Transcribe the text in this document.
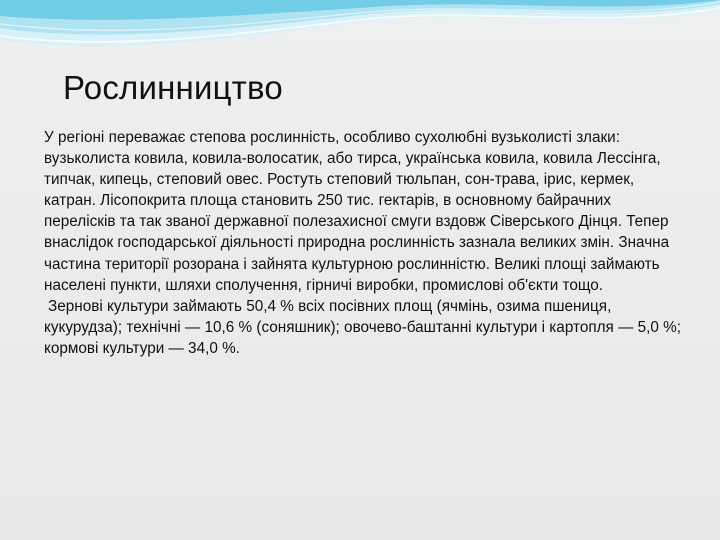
Рослинництво

У регіоні переважає степова рослинність, особливо сухолюбні вузьколисті злаки: вузьколиста ковила, ковила-волосатик, або тирса, українська ковила, ковила Лессінга, типчак, кипець, степовий овес. Ростуть степовий тюльпан, сон-трава, ірис, кермек, катран. Лісопокрита площа становить 250 тис. гектарів, в основному байрачних перелісків та так званої державної полезахисної смуги вздовж Сіверського Дінця. Тепер внаслідок господарської діяльності природна рослинність зазнала великих змін. Значна частина території розорана і зайнята культурною рослинністю. Великі площі займають населені пункти, шляхи сполучення, гірничі виробки, промислові об'єкти тощо.

Зернові культури займають 50,4 % всіх посівних площ (ячмінь, озима пшениця, кукурудза); технічні — 10,6 % (соняшник); овочево-баштанні культури і картопля — 5,0 %; кормові культури — 34,0 %.
